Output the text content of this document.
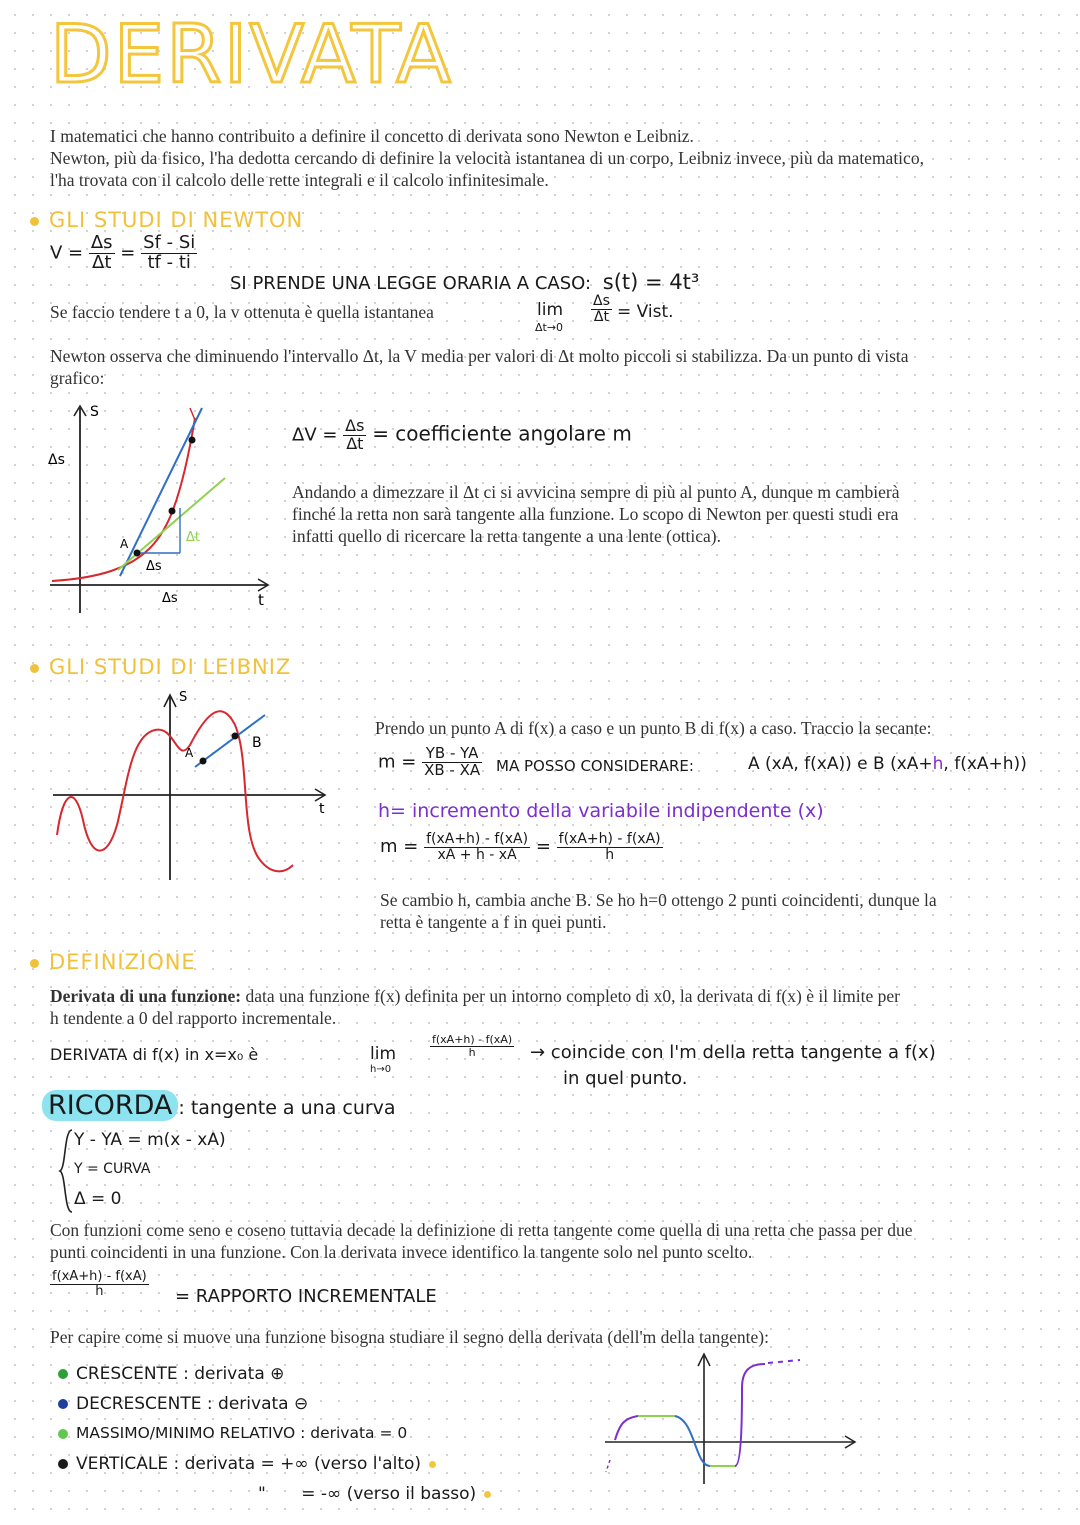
DERIVATA
I matematici che hanno contribuito a definire il concetto di derivata sono Newton e Leibniz.
Newton, più da fisico, l'ha dedotta cercando di definire la velocità istantanea di un corpo, Leibniz invece, più da matematico,
l'ha trovata con il calcolo delle rette integrali e il calcolo infinitesimale.
GLI STUDI DI NEWTON
$V = \frac{\Delta s}{\Delta t} = \frac{Sf - Si}{tf - ti}$
SI PRENDE UNA LEGGE ORARIA A CASO: s(t) = 4t³
Se faccio tendere t a 0, la v ottenuta è quella istantanea	lim
Δt→0
$\frac{\Delta s}{\Delta t}$ = Vist.
Newton osserva che diminuendo l'intervallo Δt, la V media per valori di Δt molto piccoli si stabilizza. Da un punto di vista
grafico:
S
t
Δs
A	Δt
Δs
Δs
$\Delta V = \frac{\Delta s}{\Delta t}$ = coefficiente angolare m
Andando a dimezzare il Δt ci si avvicina sempre di più al punto A, dunque m cambierà
finché la retta non sarà tangente alla funzione. Lo scopo di Newton per questi studi era
infatti quello di ricercare la retta tangente a una lente (ottica).
GLI STUDI DI LEIBNIZ
S
t
A
B
Prendo un punto A di f(x) a caso e un punto B di f(x) a caso. Traccio la secante:
$m = \frac{YB - YA}{XB - XA}$ MA POSSO CONSIDERARE:	A (xA, f(xA)) e B (xA+h, f(xA+h))
h= incremento della variabile indipendente (x)
$m = \frac{f(xA+h) - f(xA)}{xA + h - xA} = \frac{f(xA+h) - f(xA)}{h}$
Se cambio h, cambia anche B. Se ho h=0 ottengo 2 punti coincidenti, dunque la
retta è tangente a f in quei punti.
DEFINIZIONE
Derivata di una funzione: data una funzione f(x) definita per un intorno completo di x0, la derivata di f(x) è il limite per
h tendente a 0 del rapporto incrementale.
DERIVATA di f(x) in x=x₀ è	lim
h→0
$\frac{f(xA+h) - f(xA)}{h}$ → coincide con l'm della retta tangente a f(x)
in quel punto.
RICORDA : tangente a una curva
Y - YA = m(x - xA)
Y = CURVA
Δ = 0
Con funzioni come seno e coseno tuttavia decade la definizione di retta tangente come quella di una retta che passa per due
punti coincidenti in una funzione. Con la derivata invece identifico la tangente solo nel punto scelto.
$\frac{f(xA+h) - f(xA)}{h}$ = RAPPORTO INCREMENTALE
Per capire come si muove una funzione bisogna studiare il segno della derivata (dell'm della tangente):
CRESCENTE : derivata ⊕
DECRESCENTE : derivata ⊖
MASSIMO/MINIMO RELATIVO : derivata = 0
VERTICALE : derivata = +∞ (verso l'alto)
" = -∞ (verso il basso)
